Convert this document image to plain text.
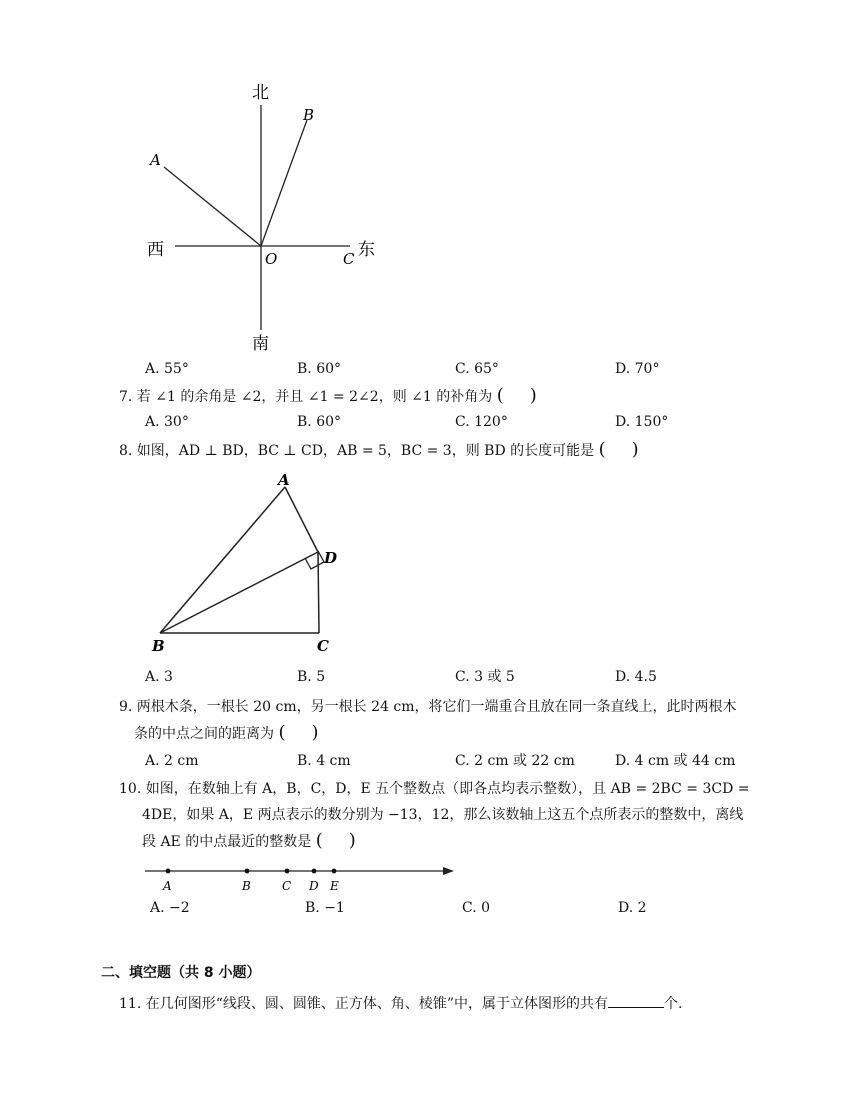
北
南
西	东
A
B
O	C
A. 55°	B. 60°	C. 65°	D. 70°
7. 若 ∠1 的余角是 ∠2，并且 ∠1 = 2∠2，则 ∠1 的补角为 ( )
A. 30°	B. 60°	C. 120°	D. 150°
8. 如图，AD ⊥ BD，BC ⊥ CD，AB = 5，BC = 3，则 BD 的长度可能是 ( )
A
B	C
D
A. 3	B. 5	C. 3 或 5	D. 4.5
9. 两根木条，一根长 20 cm，另一根长 24 cm，将它们一端重合且放在同一条直线上，此时两根木
条的中点之间的距离为 ( )
A. 2 cm	B. 4 cm	C. 2 cm 或 22 cm	D. 4 cm 或 44 cm
10. 如图，在数轴上有 A，B，C，D，E 五个整数点（即各点均表示整数），且 AB = 2BC = 3CD =
4DE，如果 A，E 两点表示的数分别为 −13，12，那么该数轴上这五个点所表示的整数中，离线
段 AE 的中点最近的整数是 ( )
A	B	C D E
A. −2	B. −1	C. 0	D. 2
二、填空题（共 8 小题）
11. 在几何图形“线段、圆、圆锥、正方体、角、棱锥”中，属于立体图形的共有	个.
